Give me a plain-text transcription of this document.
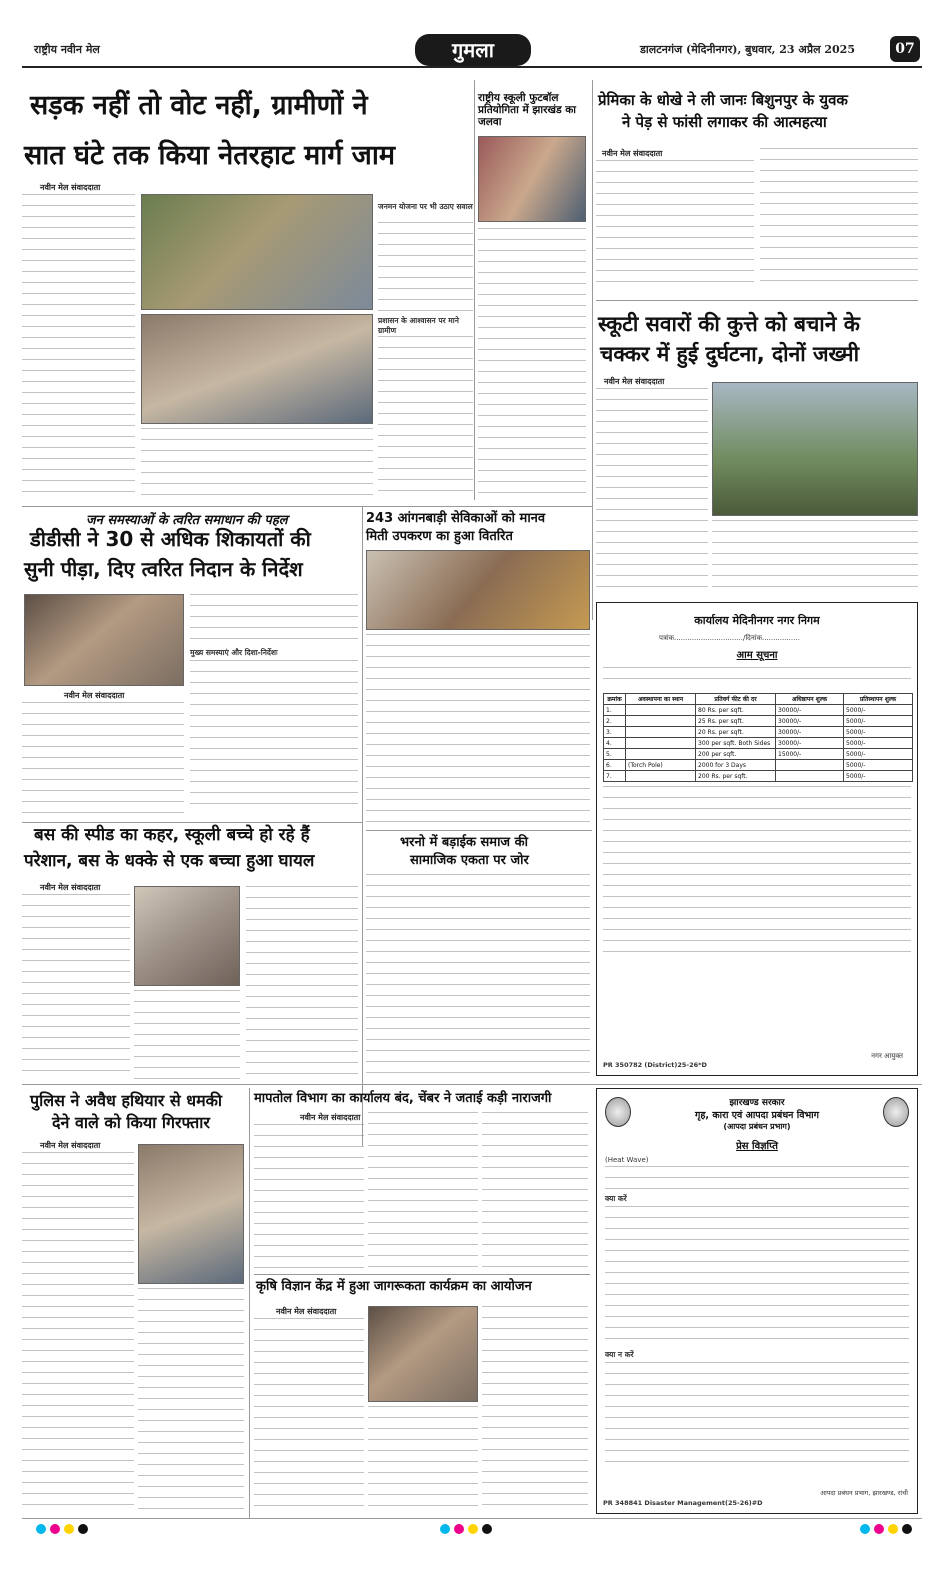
राष्ट्रीय नवीन मेल	गुमला	डालटनगंज (मेदिनीनगर), बुधवार, 23 अप्रैल 2025	07
सड़क नहीं तो वोट नहीं, ग्रामीणों ने
सात घंटे तक किया नेतरहाट मार्ग जाम
नवीन मेल संवाददाता
जनमन योजना पर भी उठाए सवाल
प्रशासन के आश्वासन पर माने ग्रामीण
राष्ट्रीय स्कूली फुटबॉल प्रतियोगिता में झारखंड का जलवा
प्रेमिका के धोखे ने ली जानः बिशुनपुर के युवक
ने पेड़ से फांसी लगाकर की आत्महत्या
नवीन मेल संवाददाता
स्कूटी सवारों की कुत्ते को बचाने के
चक्कर में हुई दुर्घटना, दोनों जख्मी
नवीन मेल संवाददाता
जन समस्याओं के त्वरित समाधान की पहल
डीडीसी ने 30 से अधिक शिकायतों की
सुनी पीड़ा, दिए त्वरित निदान के निर्देश
नवीन मेल संवाददाता
मुख्य समस्याएं और दिशा-निर्देशः
243 आंगनबाड़ी सेविकाओं को मानव
मिती उपकरण का हुआ वितरित
बस की स्पीड का कहर, स्कूली बच्चे हो रहे हैं
परेशान, बस के धक्के से एक बच्चा हुआ घायल
नवीन मेल संवाददाता
भरनो में बड़ाईक समाज की
सामाजिक एकता पर जोर
कार्यालय मेदिनीनगर नगर निगम
पत्रांक.............................../दिनांक.................
आम सूचना
क्रमांक	अवस्थापना का स्थान	प्रतिवर्ग फीट की दर	अधिष्ठापन शुल्क	प्रतिस्थापन शुल्क
1.		80 Rs. per sqft.	30000/-	5000/-
2.		25 Rs. per sqft.	30000/-	5000/-
3.		20 Rs. per sqft.	30000/-	5000/-
4.		300 per sqft. Both Sides	30000/-	5000/-
5.		200 per sqft.	15000/-	5000/-
6.	(Torch Pole)	2000 for 3 Days		5000/-
7.		200 Rs. per sqft.		5000/-
PR 350782 (District)25-26*D
नगर आयुक्त
पुलिस ने अवैध हथियार से धमकी
देने वाले को किया गिरफ्तार
नवीन मेल संवाददाता
मापतोल विभाग का कार्यालय बंद, चेंबर ने जताई कड़ी नाराजगी
नवीन मेल संवाददाता
कृषि विज्ञान केंद्र में हुआ जागरूकता कार्यक्रम का आयोजन
नवीन मेल संवाददाता
झारखण्ड सरकार
गृह, कारा एवं आपदा प्रबंधन विभाग
(आपदा प्रबंधन प्रभाग)
प्रेस विज्ञप्ति
(Heat Wave)
क्या करें
क्या न करें
PR 348841 Disaster Management(25-26)#D
आपदा प्रबंधन प्रभाग, झारखण्ड, रांची
